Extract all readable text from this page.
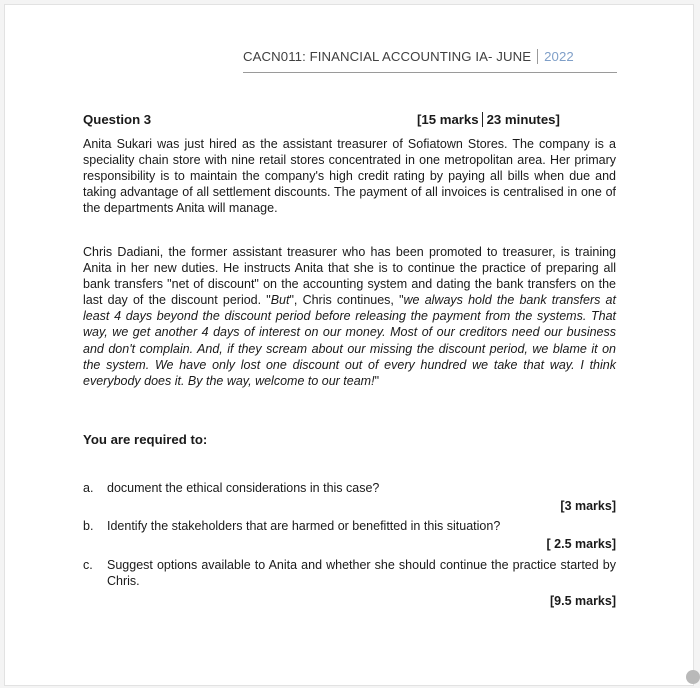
CACN011: FINANCIAL ACCOUNTING IA- JUNE 2022
Question 3	[15 marks 23 minutes]

Anita Sukari was just hired as the assistant treasurer of Sofiatown Stores. The company is a speciality chain store with nine retail stores concentrated in one metropolitan area. Her primary responsibility is to maintain the company's high credit rating by paying all bills when due and taking advantage of all settlement discounts. The payment of all invoices is centralised in one of the departments Anita will manage.

Chris Dadiani, the former assistant treasurer who has been promoted to treasurer, is training Anita in her new duties. He instructs Anita that she is to continue the practice of preparing all bank transfers "net of discount" on the accounting system and dating the bank transfers on the last day of the discount period. "But", Chris continues, "we always hold the bank transfers at least 4 days beyond the discount period before releasing the payment from the systems. That way, we get another 4 days of interest on our money. Most of our creditors need our business and don't complain. And, if they scream about our missing the discount period, we blame it on the system. We have only lost one discount out of every hundred we take that way. I think everybody does it. By the way, welcome to our team!"

You are required to:
a. document the ethical considerations in this case?
[3 marks]
b. Identify the stakeholders that are harmed or benefitted in this situation?
[ 2.5 marks]
c. Suggest options available to Anita and whether she should continue the practice started by Chris.
[9.5 marks]
